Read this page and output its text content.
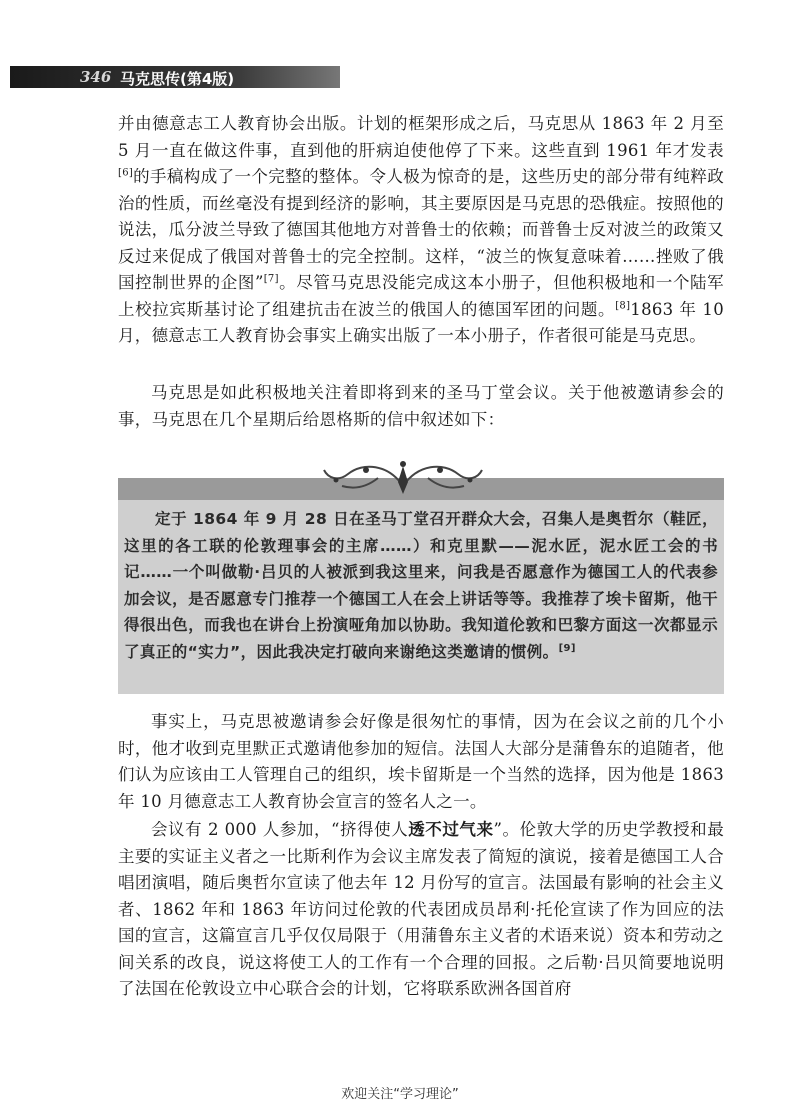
346 马克思传(第4版)

并由德意志工人教育协会出版。计划的框架形成之后，马克思从 1863 年 2 月至 5 月一直在做这件事，直到他的肝病迫使他停了下来。这些直到 1961 年才发表[6]的手稿构成了一个完整的整体。令人极为惊奇的是，这些历史的部分带有纯粹政治的性质，而丝毫没有提到经济的影响，其主要原因是马克思的恐俄症。按照他的说法，瓜分波兰导致了德国其他地方对普鲁士的依赖；而普鲁士反对波兰的政策又反过来促成了俄国对普鲁士的完全控制。这样，“波兰的恢复意味着……挫败了俄国控制世界的企图”[7]。尽管马克思没能完成这本小册子，但他积极地和一个陆军上校拉宾斯基讨论了组建抗击在波兰的俄国人的德国军团的问题。[8]1863 年 10 月，德意志工人教育协会事实上确实出版了一本小册子，作者很可能是马克思。

马克思是如此积极地关注着即将到来的圣马丁堂会议。关于他被邀请参会的事，马克思在几个星期后给恩格斯的信中叙述如下：

定于 1864 年 9 月 28 日在圣马丁堂召开群众大会，召集人是奥哲尔（鞋匠，这里的各工联的伦敦理事会的主席……）和克里默——泥水匠，泥水匠工会的书记……一个叫做勒·吕贝的人被派到我这里来，问我是否愿意作为德国工人的代表参加会议，是否愿意专门推荐一个德国工人在会上讲话等等。我推荐了埃卡留斯，他干得很出色，而我也在讲台上扮演哑角加以协助。我知道伦敦和巴黎方面这一次都显示了真正的“实力”，因此我决定打破向来谢绝这类邀请的惯例。[9]

事实上，马克思被邀请参会好像是很匆忙的事情，因为在会议之前的几个小时，他才收到克里默正式邀请他参加的短信。法国人大部分是蒲鲁东的追随者，他们认为应该由工人管理自己的组织，埃卡留斯是一个当然的选择，因为他是 1863 年 10 月德意志工人教育协会宣言的签名人之一。

会议有 2 000 人参加，“挤得使人透不过气来”。伦敦大学的历史学教授和最主要的实证主义者之一比斯利作为会议主席发表了简短的演说，接着是德国工人合唱团演唱，随后奥哲尔宣读了他去年 12 月份写的宣言。法国最有影响的社会主义者、1862 年和 1863 年访问过伦敦的代表团成员昂利·托伦宣读了作为回应的法国的宣言，这篇宣言几乎仅仅局限于（用蒲鲁东主义者的术语来说）资本和劳动之间关系的改良，说这将使工人的工作有一个合理的回报。之后勒·吕贝简要地说明了法国在伦敦设立中心联合会的计划，它将联系欧洲各国首府

欢迎关注“学习理论”
